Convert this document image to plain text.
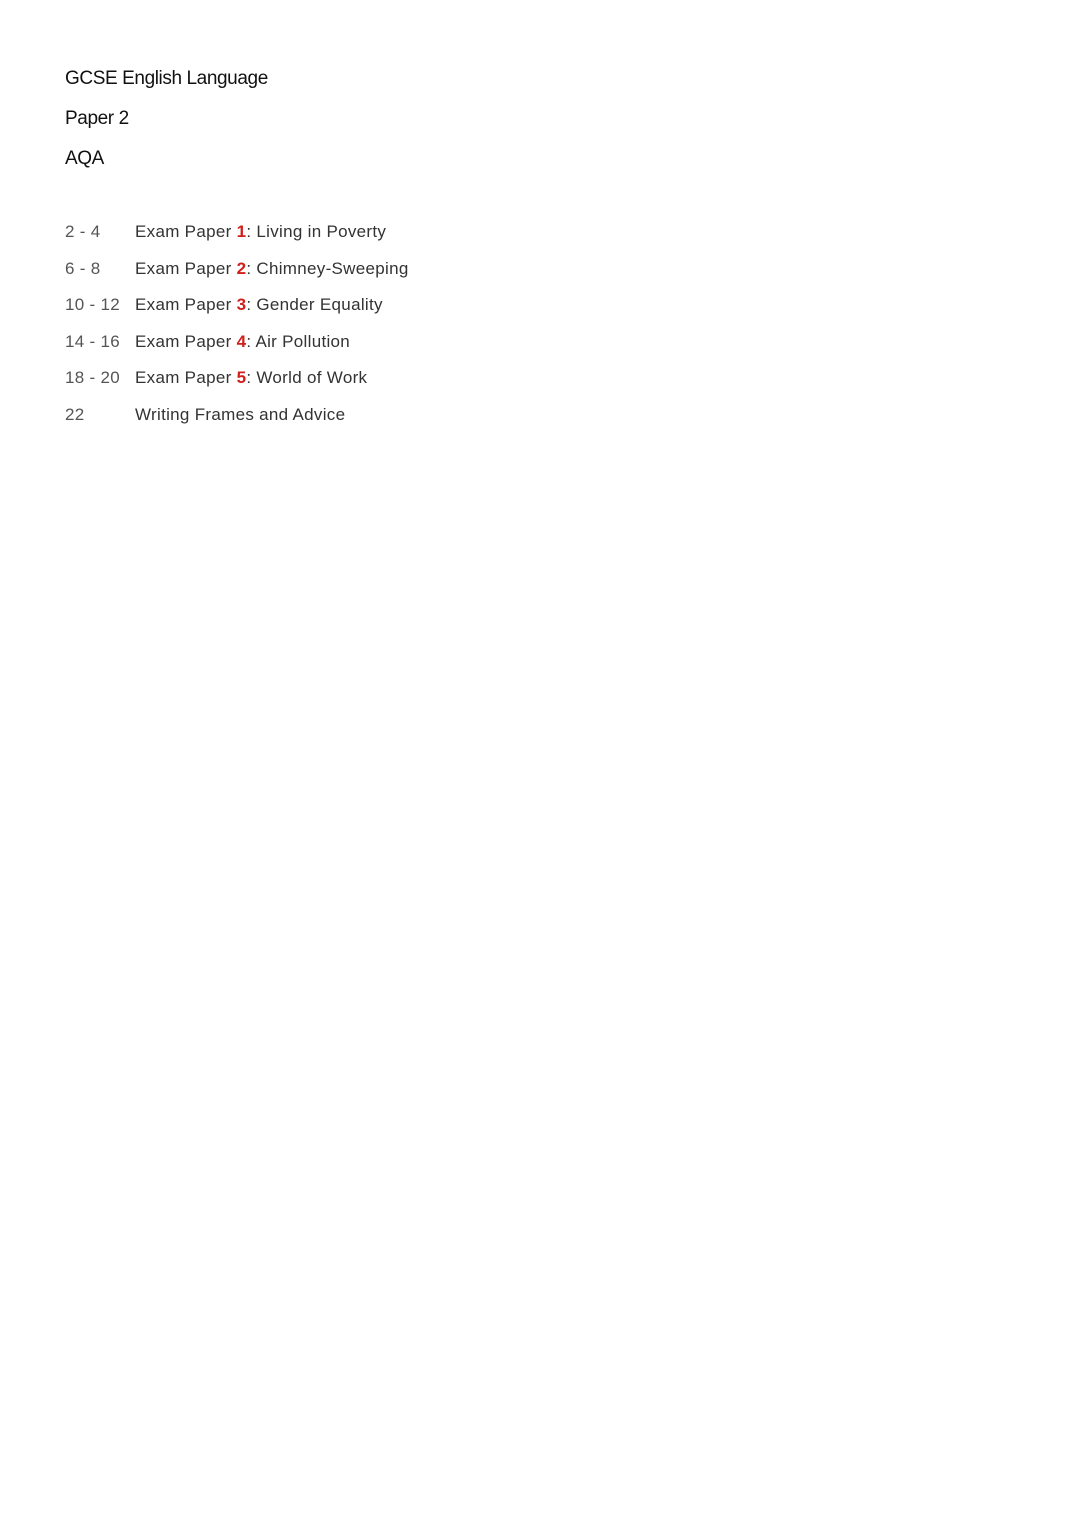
GCSE English Language
Paper 2
AQA
2 - 4	Exam Paper 1: Living in Poverty
6 - 8	Exam Paper 2: Chimney-Sweeping
10 - 12 Exam Paper 3: Gender Equality
14 - 16 Exam Paper 4: Air Pollution
18 - 20 Exam Paper 5: World of Work
22	Writing Frames and Advice
